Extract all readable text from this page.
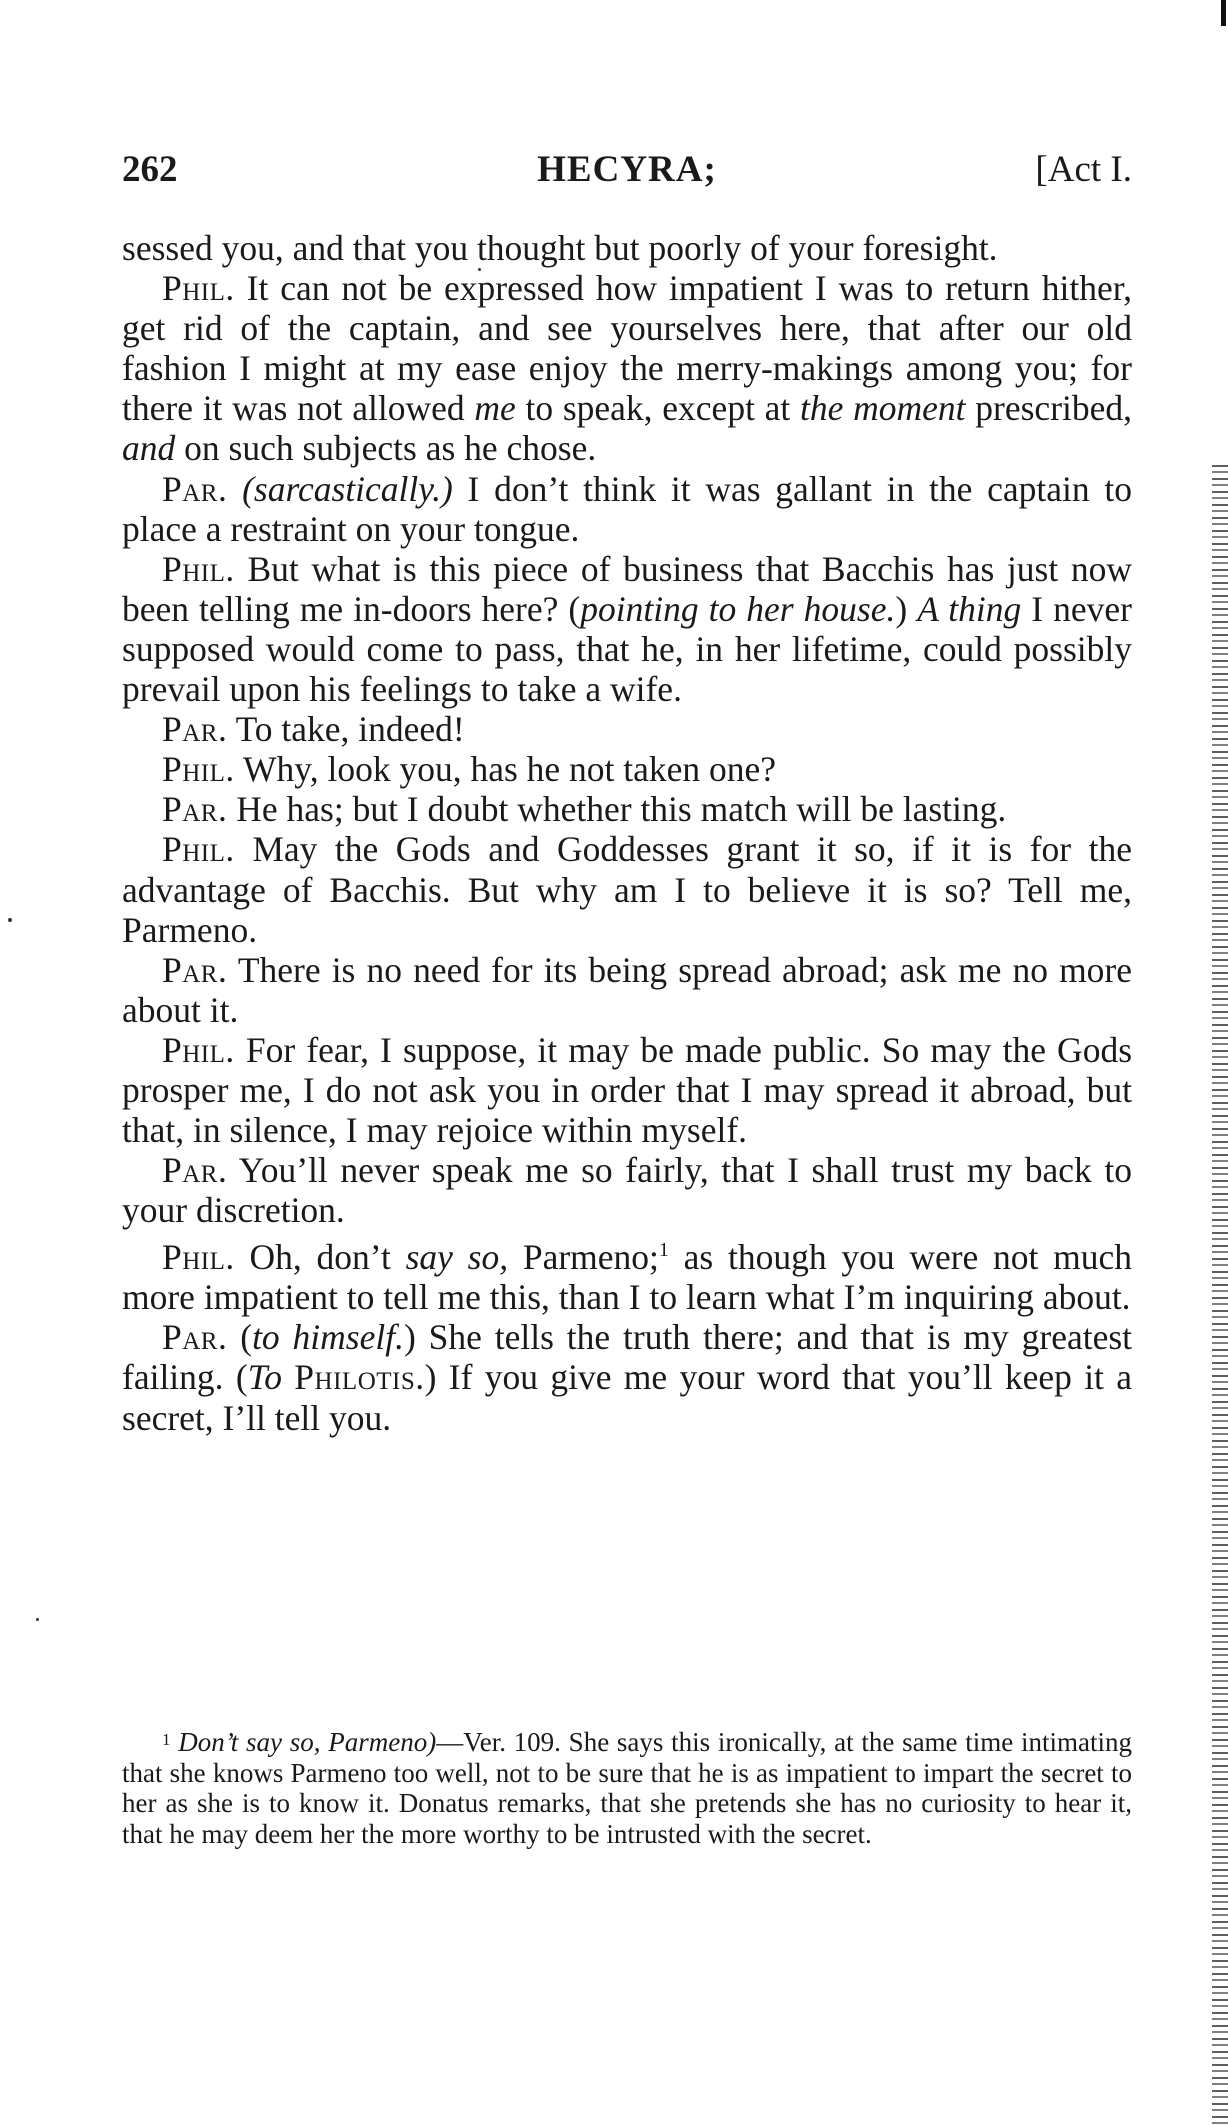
262	HECYRA;	[Act I.

sessed you, and that you thought but poorly of your foresight.

Phil. It can not be expressed how impatient I was to return hither, get rid of the captain, and see yourselves here, that after our old fashion I might at my ease enjoy the merry-makings among you; for there it was not allowed me to speak, except at the moment prescribed, and on such subjects as he chose.

Par. (sarcastically.) I don’t think it was gallant in the captain to place a restraint on your tongue.

Phil. But what is this piece of business that Bacchis has just now been telling me in-doors here? (pointing to her house.) A thing I never supposed would come to pass, that he, in her lifetime, could possibly prevail upon his feelings to take a wife.

Par. To take, indeed!

Phil. Why, look you, has he not taken one?

Par. He has; but I doubt whether this match will be lasting.

Phil. May the Gods and Goddesses grant it so, if it is for the advantage of Bacchis. But why am I to believe it is so? Tell me, Parmeno.

Par. There is no need for its being spread abroad; ask me no more about it.

Phil. For fear, I suppose, it may be made public. So may the Gods prosper me, I do not ask you in order that I may spread it abroad, but that, in silence, I may rejoice within myself.

Par. You’ll never speak me so fairly, that I shall trust my back to your discretion.

Phil. Oh, don’t say so, Parmeno;$^1$ as though you were not much more impatient to tell me this, than I to learn what I’m inquiring about.

Par. (to himself.) She tells the truth there; and that is my greatest failing. (To Philotis.) If you give me your word that you’ll keep it a secret, I’ll tell you.

$^1$ Don’t say so, Parmeno)—Ver. 109. She says this ironically, at the same time intimating that she knows Parmeno too well, not to be sure that he is as impatient to impart the secret to her as she is to know it. Donatus remarks, that she pretends she has no curiosity to hear it, that he may deem her the more worthy to be intrusted with the secret.
